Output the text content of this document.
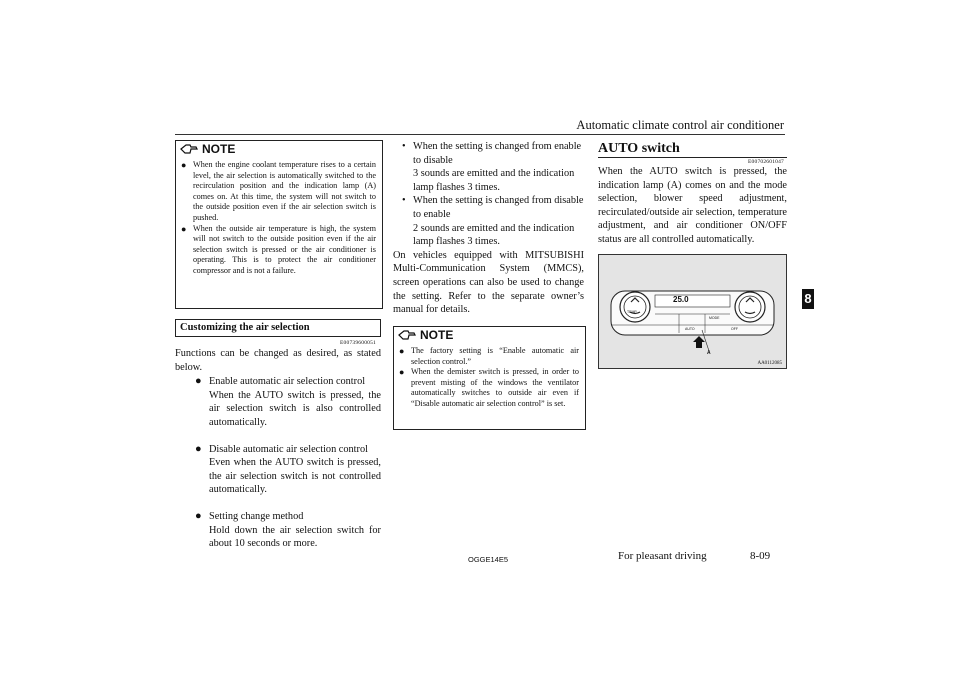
Automatic climate control air conditioner
NOTE
● When the engine coolant temperature rises to a certain level, the air selection is automatically switched to the recirculation position and the indication lamp (A) comes on. At this time, the system will not switch to the outside position even if the air selection switch is pushed.
● When the outside air temperature is high, the system will not switch to the outside position even if the air selection switch is pressed or the air conditioner is operating. This is to protect the air conditioner compressor and is not a failure.
Customizing the air selection
E00739600051
Functions can be changed as desired, as stated below.
● Enable automatic air selection control
When the AUTO switch is pressed, the air selection switch is also controlled automatically.
● Disable automatic air selection control
Even when the AUTO switch is pressed, the air selection switch is not controlled automatically.
● Setting change method
Hold down the air selection switch for about 10 seconds or more.
• When the setting is changed from enable to disable
3 sounds are emitted and the indication lamp flashes 3 times.
• When the setting is changed from disable to enable
2 sounds are emitted and the indication lamp flashes 3 times.
On vehicles equipped with MITSUBISHI Multi-Communication System (MMCS), screen operations can also be used to change the setting. Refer to the separate owner’s manual for details.
NOTE
● The factory setting is “Enable automatic air selection control.”
● When the demister switch is pressed, in order to prevent misting of the windows the ventilator automatically switches to outside air even if “Disable automatic air selection control” is set.
AUTO switch
E00702601047
When the AUTO switch is pressed, the indication lamp (A) comes on and the mode selection, blower speed adjustment, recirculated/outside air selection, temperature adjustment, and air conditioner ON/OFF status are all controlled automatically.
25.0
TEMP
MODE
AUTO	OFF
A
AA0112085
8
OGGE14E5	For pleasant driving	8-09
